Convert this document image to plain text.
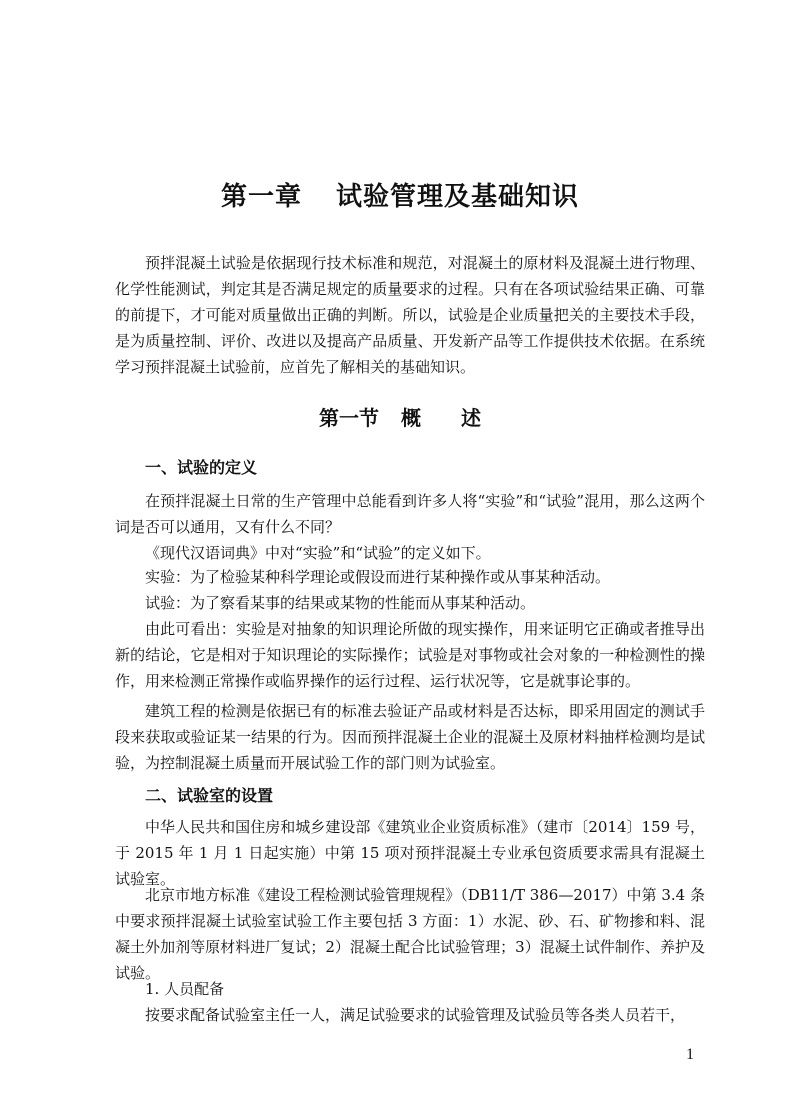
第一章 试验管理及基础知识

预拌混凝土试验是依据现行技术标准和规范，对混凝土的原材料及混凝土进行物理、化学性能测试，判定其是否满足规定的质量要求的过程。只有在各项试验结果正确、可靠的前提下，才可能对质量做出正确的判断。所以，试验是企业质量把关的主要技术手段，是为质量控制、评价、改进以及提高产品质量、开发新产品等工作提供技术依据。在系统学习预拌混凝土试验前，应首先了解相关的基础知识。

第一节 概 述
一、试验的定义

在预拌混凝土日常的生产管理中总能看到许多人将“实验”和“试验”混用，那么这两个词是否可以通用，又有什么不同？

《现代汉语词典》中对“实验”和“试验”的定义如下。

实验：为了检验某种科学理论或假设而进行某种操作或从事某种活动。

试验：为了察看某事的结果或某物的性能而从事某种活动。

由此可看出：实验是对抽象的知识理论所做的现实操作，用来证明它正确或者推导出新的结论，它是相对于知识理论的实际操作；试验是对事物或社会对象的一种检测性的操作，用来检测正常操作或临界操作的运行过程、运行状况等，它是就事论事的。

建筑工程的检测是依据已有的标准去验证产品或材料是否达标，即采用固定的测试手段来获取或验证某一结果的行为。因而预拌混凝土企业的混凝土及原材料抽样检测均是试验，为控制混凝土质量而开展试验工作的部门则为试验室。

二、试验室的设置

中华人民共和国住房和城乡建设部《建筑业企业资质标准》（建市〔2014〕159 号，于 2015 年 1 月 1 日起实施）中第 15 项对预拌混凝土专业承包资质要求需具有混凝土试验室。

北京市地方标准《建设工程检测试验管理规程》（DB11/T 386—2017）中第 3.4 条中要求预拌混凝土试验室试验工作主要包括 3 方面：1）水泥、砂、石、矿物掺和料、混凝土外加剂等原材料进厂复试；2）混凝土配合比试验管理；3）混凝土试件制作、养护及试验。

1. 人员配备

按要求配备试验室主任一人，满足试验要求的试验管理及试验员等各类人员若干，

1
